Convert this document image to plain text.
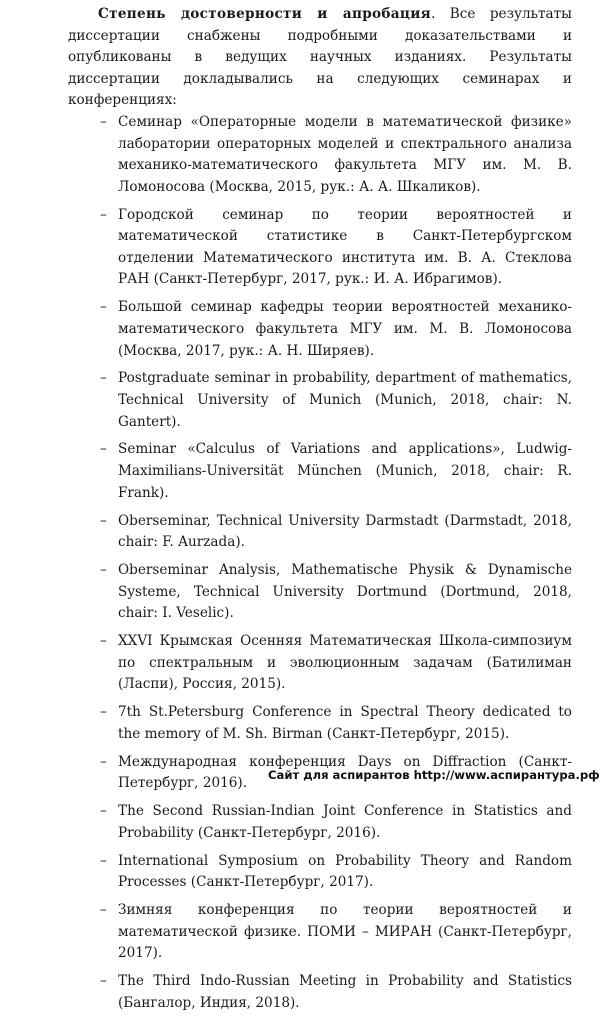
Степень достоверности и апробация. Все результаты диссертации снабжены подробными доказательствами и опубликованы в ведущих научных изданиях. Результаты диссертации докладывались на следующих семинарах и конференциях:

– Семинар «Операторные модели в математической физике» лаборатории операторных моделей и спектрального анализа механико-математического факультета МГУ им. М. В. Ломоносова (Москва, 2015, рук.: А. А. Шкаликов).
– Городской семинар по теории вероятностей и математической статистике в Санкт-Петербургском отделении Математического института им. В. А. Стеклова РАН (Санкт-Петербург, 2017, рук.: И. А. Ибрагимов).
– Большой семинар кафедры теории вероятностей механико-математического факультета МГУ им. М. В. Ломоносова (Москва, 2017, рук.: А. Н. Ширяев).
– Postgraduate seminar in probability, department of mathematics, Technical University of Munich (Munich, 2018, chair: N. Gantert).
– Seminar «Calculus of Variations and applications», Ludwig-Maximilians-Universität München (Munich, 2018, chair: R. Frank).
– Oberseminar, Technical University Darmstadt (Darmstadt, 2018, chair: F. Aurzada).
– Oberseminar Analysis, Mathematische Physik & Dynamische Systeme, Technical University Dortmund (Dortmund, 2018, chair: I. Veselic).
– XXVI Крымская Осенняя Математическая Школа-симпозиум по спектральным и эволюционным задачам (Батилиман (Ласпи), Россия, 2015).
– 7th St.Petersburg Conference in Spectral Theory dedicated to the memory of M. Sh. Birman (Санкт-Петербург, 2015).
– Международная конференция Days on Diffraction (Санкт-Петербург, 2016).
– The Second Russian-Indian Joint Conference in Statistics and Probability (Санкт-Петербург, 2016).
– International Symposium on Probability Theory and Random Processes (Санкт-Петербург, 2017).
– Зимняя конференция по теории вероятностей и математической физике. ПОМИ – МИРАН (Санкт-Петербург, 2017).
– The Third Indo-Russian Meeting in Probability and Statistics (Бангалор, Индия, 2018).
Сайт для аспирантов http://www.аспирантура.рф
